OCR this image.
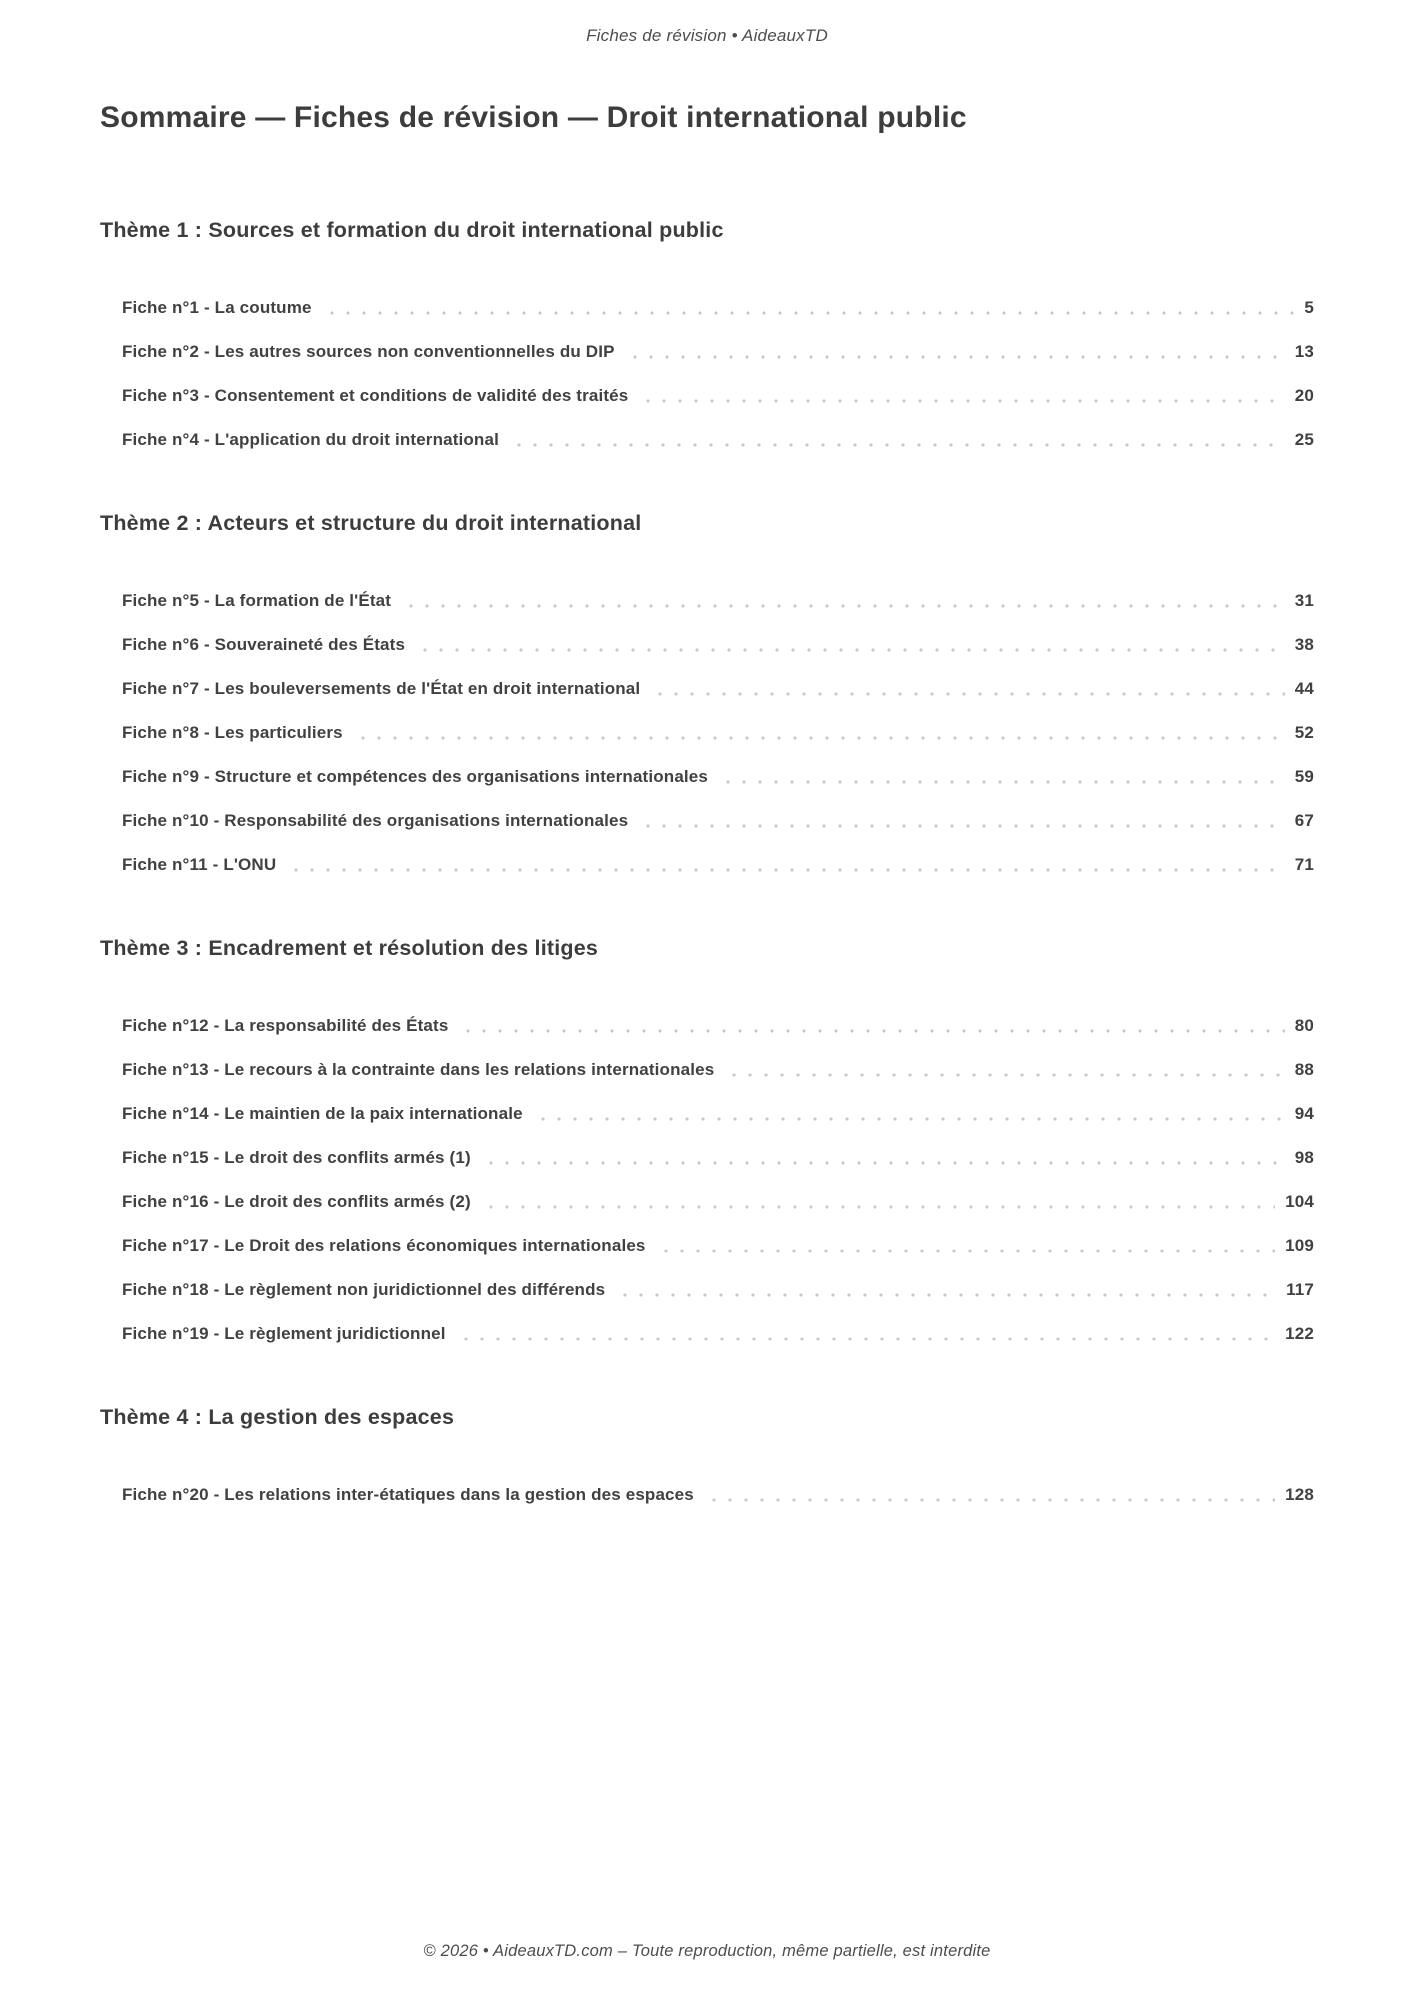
Fiches de révision • AideauxTD
Sommaire — Fiches de révision — Droit international public
Thème 1 : Sources et formation du droit international public
Fiche n°1 - La coutume	5
Fiche n°2 - Les autres sources non conventionnelles du DIP	13
Fiche n°3 - Consentement et conditions de validité des traités	20
Fiche n°4 - L'application du droit international	25
Thème 2 : Acteurs et structure du droit international
Fiche n°5 - La formation de l'État	31
Fiche n°6 - Souveraineté des États	38
Fiche n°7 - Les bouleversements de l'État en droit international	44
Fiche n°8 - Les particuliers	52
Fiche n°9 - Structure et compétences des organisations internationales	59
Fiche n°10 - Responsabilité des organisations internationales	67
Fiche n°11 - L'ONU	71
Thème 3 : Encadrement et résolution des litiges
Fiche n°12 - La responsabilité des États	80
Fiche n°13 - Le recours à la contrainte dans les relations internationales	88
Fiche n°14 - Le maintien de la paix internationale	94
Fiche n°15 - Le droit des conflits armés (1)	98
Fiche n°16 - Le droit des conflits armés (2)	104
Fiche n°17 - Le Droit des relations économiques internationales	109
Fiche n°18 - Le règlement non juridictionnel des différends	117
Fiche n°19 - Le règlement juridictionnel	122
Thème 4 : La gestion des espaces
Fiche n°20 - Les relations inter-étatiques dans la gestion des espaces	128
© 2026 • AideauxTD.com – Toute reproduction, même partielle, est interdite
